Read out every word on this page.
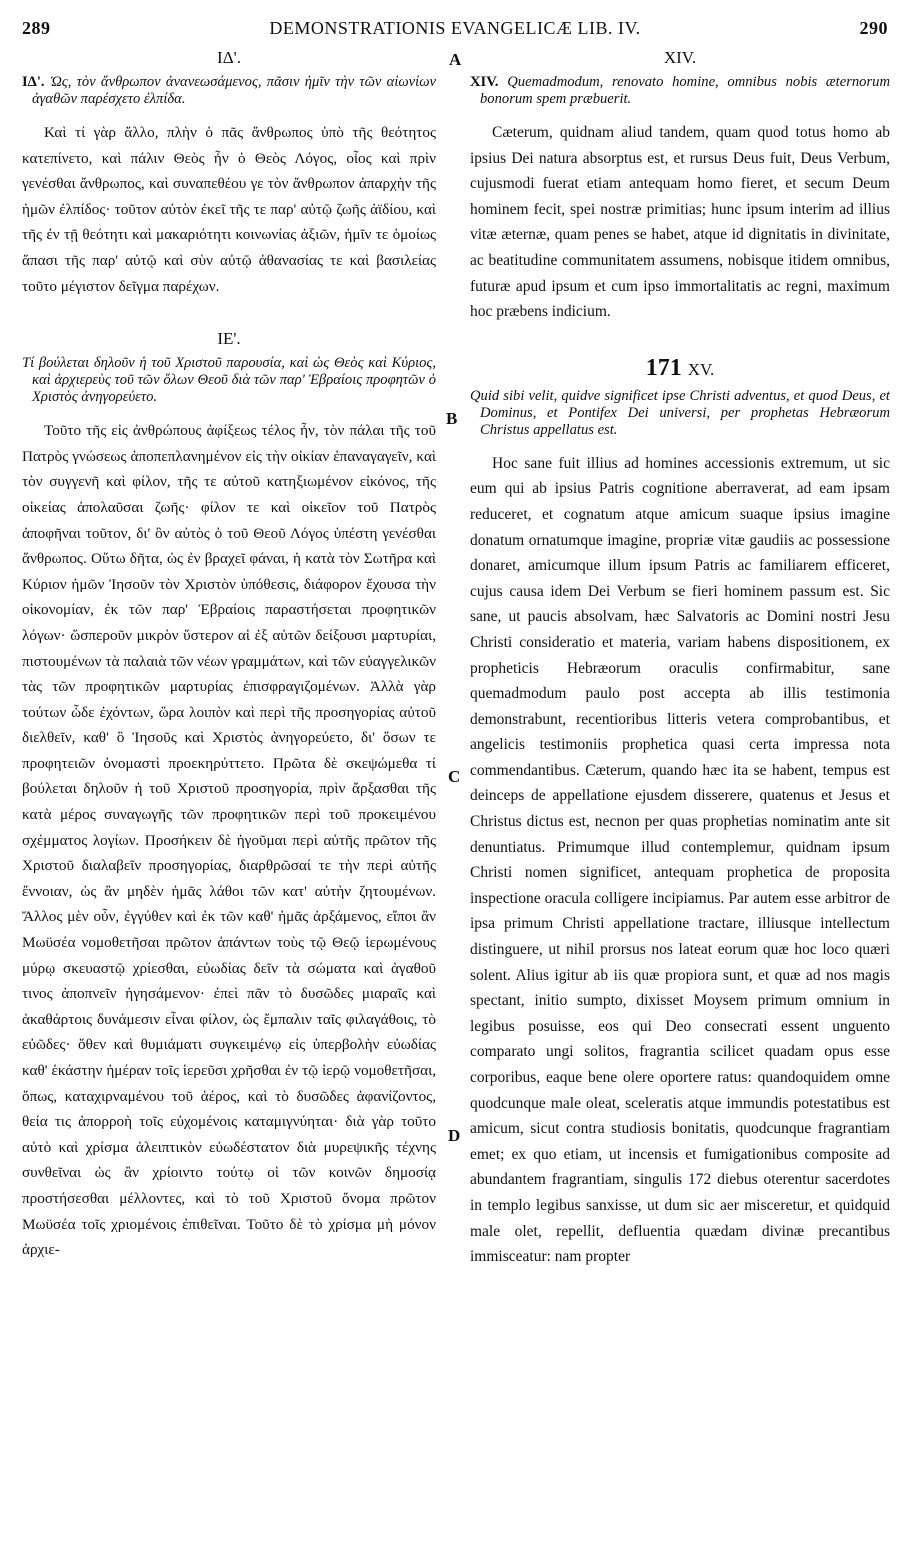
289	DEMONSTRATIONIS EVANGELICÆ LIB. IV.	290
A
B
C
D
ΙΔ'.

ΙΔ'. Ὡς, τὸν ἄνθρωπον ἀνανεωσάμενος, πᾶσιν ἡμῖν τὴν τῶν αἰωνίων ἀγαθῶν παρέσχετο ἐλπίδα.

Καὶ τί γὰρ ἄλλο, πλὴν ὁ πᾶς ἄνθρωπος ὑπὸ τῆς θεότητος κατεπίνετο, καὶ πάλιν Θεὸς ἦν ὁ Θεὸς Λόγος, οἷος καὶ πρὶν γενέσθαι ἄνθρωπος, καὶ συναπεθέου γε τὸν ἄνθρωπον ἀπαρχὴν τῆς ἡμῶν ἐλπίδος· τοῦτον αὐτὸν ἐκεῖ τῆς τε παρ' αὐτῷ ζωῆς ἀϊδίου, καὶ τῆς ἐν τῇ θεότητι καὶ μακαριότητι κοινωνίας ἀξιῶν, ἡμῖν τε ὁμοίως ἅπασι τῆς παρ' αὐτῷ καὶ σὺν αὐτῷ ἀθανασίας τε καὶ βασιλείας τοῦτο μέγιστον δεῖγμα παρέχων.

ΙΕ'.

Τί βούλεται δηλοῦν ἡ τοῦ Χριστοῦ παρουσία, καὶ ὡς Θεὸς καὶ Κύριος, καὶ ἀρχιερεὺς τοῦ τῶν ὅλων Θεοῦ διὰ τῶν παρ' Ἑβραίοις προφητῶν ὁ Χριστὸς ἀνηγορεύετο.

Τοῦτο τῆς εἰς ἀνθρώπους ἀφίξεως τέλος ἦν, τὸν πάλαι τῆς τοῦ Πατρὸς γνώσεως ἀποπεπλανημένον εἰς τὴν οἰκίαν ἐπαναγαγεῖν, καὶ τὸν συγγενῆ καὶ φίλον, τῆς τε αὐτοῦ κατηξιωμένον εἰκόνος, τῆς οἰκείας ἀπολαῦσαι ζωῆς· φίλον τε καὶ οἰκεῖον τοῦ Πατρὸς ἀποφῆναι τοῦτον, δι' ὃν αὐτὸς ὁ τοῦ Θεοῦ Λόγος ὑπέστη γενέσθαι ἄνθρωπος. Οὕτω δῆτα, ὡς ἐν βραχεῖ φάναι, ἡ κατὰ τὸν Σωτῆρα καὶ Κύριον ἡμῶν Ἰησοῦν τὸν Χριστὸν ὑπόθεσις, διάφορον ἔχουσα τὴν οἰκονομίαν, ἐκ τῶν παρ' Ἑβραίοις παραστήσεται προφητικῶν λόγων· ὥσπεροῦν μικρὸν ὕστερον αἱ ἐξ αὐτῶν δείξουσι μαρτυρίαι, πιστουμένων τὰ παλαιὰ τῶν νέων γραμμάτων, καὶ τῶν εὐαγγελικῶν τὰς τῶν προφητικῶν μαρτυρίας ἐπισφραγιζομένων. Ἀλλὰ γὰρ τούτων ὧδε ἐχόντων, ὥρα λοιπὸν καὶ περὶ τῆς προσηγορίας αὐτοῦ διελθεῖν, καθ' ὃ Ἰησοῦς καὶ Χριστὸς ἀνηγορεύετο, δι' ὅσων τε προφητειῶν ὀνομαστὶ προεκηρύττετο. Πρῶτα δὲ σκεψώμεθα τί βούλεται δηλοῦν ἡ τοῦ Χριστοῦ προσηγορία, πρὶν ἄρξασθαι τῆς κατὰ μέρος συναγωγῆς τῶν προφητικῶν περὶ τοῦ προκειμένου σχέμματος λογίων. Προσήκειν δὲ ἡγοῦμαι περὶ αὐτῆς πρῶτον τῆς Χριστοῦ διαλαβεῖν προσηγορίας, διαρθρῶσαί τε τὴν περὶ αὐτῆς ἔννοιαν, ὡς ἂν μηδὲν ἡμᾶς λάθοι τῶν κατ' αὐτὴν ζητουμένων. Ἄλλος μὲν οὖν, ἐγγύθεν καὶ ἐκ τῶν καθ' ἡμᾶς ἀρξάμενος, εἴποι ἂν Μωϋσέα νομοθετῆσαι πρῶτον ἁπάντων τοὺς τῷ Θεῷ ἱερωμένους μύρῳ σκευαστῷ χρίεσθαι, εὐωδίας δεῖν τὰ σώματα καὶ ἀγαθοῦ τινος ἀποπνεῖν ἡγησάμενον· ἐπεὶ πᾶν τὸ δυσῶδες μιαραῖς καὶ ἀκαθάρτοις δυνάμεσιν εἶναι φίλον, ὡς ἔμπαλιν ταῖς φιλαγάθοις, τὸ εὐῶδες· ὅθεν καὶ θυμιάματι συγκειμένῳ εἰς ὑπερβολὴν εὐωδίας καθ' ἑκάστην ἡμέραν τοῖς ἱερεῦσι χρῆσθαι ἐν τῷ ἱερῷ νομοθετῆσαι, ὅπως, καταχιρναμένου τοῦ ἀέρος, καὶ τὸ δυσῶδες ἀφανίζοντος, θεία τις ἀπορροὴ τοῖς εὐχομένοις καταμιγνύηται· διὰ γὰρ τοῦτο αὐτὸ καὶ χρίσμα ἀλειπτικὸν εὐωδέστατον διὰ μυρεψικῆς τέχνης συνθεῖναι ὡς ἂν χρίοιντο τούτῳ οἱ τῶν κοινῶν δημοσίᾳ προστήσεσθαι μέλλοντες, καὶ τὸ τοῦ Χριστοῦ ὄνομα πρῶτον Μωϋσέα τοῖς χριομένοις ἐπιθεῖναι. Τοῦτο δὲ τὸ χρίσμα μὴ μόνον ἀρχιε-

XIV.

XIV. Quemadmodum, renovato homine, omnibus nobis æternorum bonorum spem præbuerit.

Cæterum, quidnam aliud tandem, quam quod totus homo ab ipsius Dei natura absorptus est, et rursus Deus fuit, Deus Verbum, cujusmodi fuerat etiam antequam homo fieret, et secum Deum hominem fecit, spei nostræ primitias; hunc ipsum interim ad illius vitæ æternæ, quam penes se habet, atque id dignitatis in divinitate, ac beatitudine communitatem assumens, nobisque itidem omnibus, futuræ apud ipsum et cum ipso immortalitatis ac regni, maximum hoc præbens indicium.

171 XV.

Quid sibi velit, quidve significet ipse Christi adventus, et quod Deus, et Dominus, et Pontifex Dei universi, per prophetas Hebræorum Christus appellatus est.

Hoc sane fuit illius ad homines accessionis extremum, ut sic eum qui ab ipsius Patris cognitione aberraverat, ad eam ipsam reduceret, et cognatum atque amicum suaque ipsius imagine donatum ornatumque imagine, propriæ vitæ gaudiis ac possessione donaret, amicumque illum ipsum Patris ac familiarem efficeret, cujus causa idem Dei Verbum se fieri hominem passum est. Sic sane, ut paucis absolvam, hæc Salvatoris ac Domini nostri Jesu Christi consideratio et materia, variam habens dispositionem, ex propheticis Hebræorum oraculis confirmabitur, sane quemadmodum paulo post accepta ab illis testimonia demonstrabunt, recentioribus litteris vetera comprobantibus, et angelicis testimoniis prophetica quasi certa impressa nota commendantibus. Cæterum, quando hæc ita se habent, tempus est deinceps de appellatione ejusdem disserere, quatenus et Jesus et Christus dictus est, necnon per quas prophetias nominatim ante sit denuntiatus. Primumque illud contemplemur, quidnam ipsum Christi nomen significet, antequam propheticа de proposita inspectione oracula colligere incipiamus. Par autem esse arbitror de ipsa primum Christi appellatione tractare, illiusque intellectum distinguere, ut nihil prorsus nos lateat eorum quæ hoc loco quæri solent. Alius igitur ab iis quæ propiora sunt, et quæ ad nos magis spectant, initio sumpto, dixisset Moysem primum omnium in legibus posuisse, eos qui Deo consecrati essent unguento comparato ungi solitos, fragrantia scilicet quadam opus esse corporibus, eaque bene olere oportere ratus: quandoquidem omne quodcunque male oleat, sceleratis atque immundis potestatibus est amicum, sicut contra studiosis bonitatis, quodcunque fragrantiam emet; ex quo etiam, ut incensis et fumigationibus composite ad abundantem fragrantiam, singulis 172 diebus oterentur sacerdotes in templo legibus sanxisse, ut dum sic aer misceretur, et quidquid male olet, repellit, defluentia quædam divinæ precantibus immisceatur: nam propter
